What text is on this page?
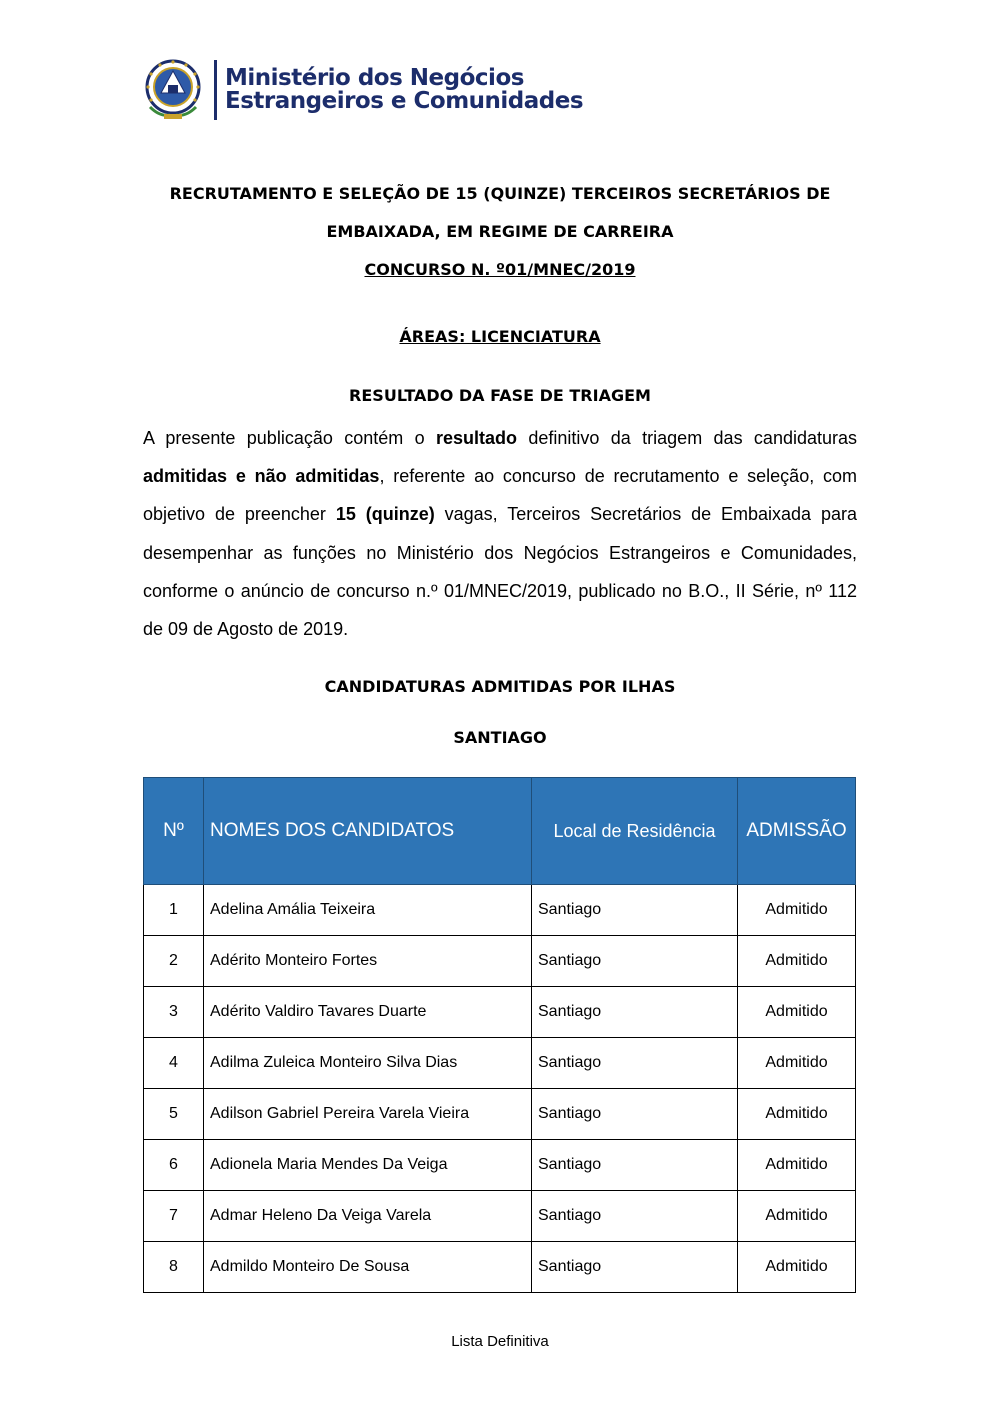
Ministério dos Negócios
Estrangeiros e Comunidades
RECRUTAMENTO E SELEÇÃO DE 15 (QUINZE) TERCEIROS SECRETÁRIOS DE
EMBAIXADA, EM REGIME DE CARREIRA
CONCURSO N. º01/MNEC/2019
ÁREAS: LICENCIATURA
RESULTADO DA FASE DE TRIAGEM
A presente publicação contém o resultado definitivo da triagem das candidaturas admitidas e não admitidas, referente ao concurso de recrutamento e seleção, com objetivo de preencher 15 (quinze) vagas, Terceiros Secretários de Embaixada para desempenhar as funções no Ministério dos Negócios Estrangeiros e Comunidades, conforme o anúncio de concurso n.º 01/MNEC/2019, publicado no B.O., II Série, nº 112 de 09 de Agosto de 2019.
CANDIDATURAS ADMITIDAS POR ILHAS
SANTIAGO
Nº	NOMES DOS CANDIDATOS	Local de Residência	ADMISSÃO
1	Adelina Amália Teixeira	Santiago	Admitido
2	Adérito Monteiro Fortes	Santiago	Admitido
3	Adérito Valdiro Tavares Duarte	Santiago	Admitido
4	Adilma Zuleica Monteiro Silva Dias	Santiago	Admitido
5	Adilson Gabriel Pereira Varela Vieira	Santiago	Admitido
6	Adionela Maria Mendes Da Veiga	Santiago	Admitido
7	Admar Heleno Da Veiga Varela	Santiago	Admitido
8	Admildo Monteiro De Sousa	Santiago	Admitido
Lista Definitiva
